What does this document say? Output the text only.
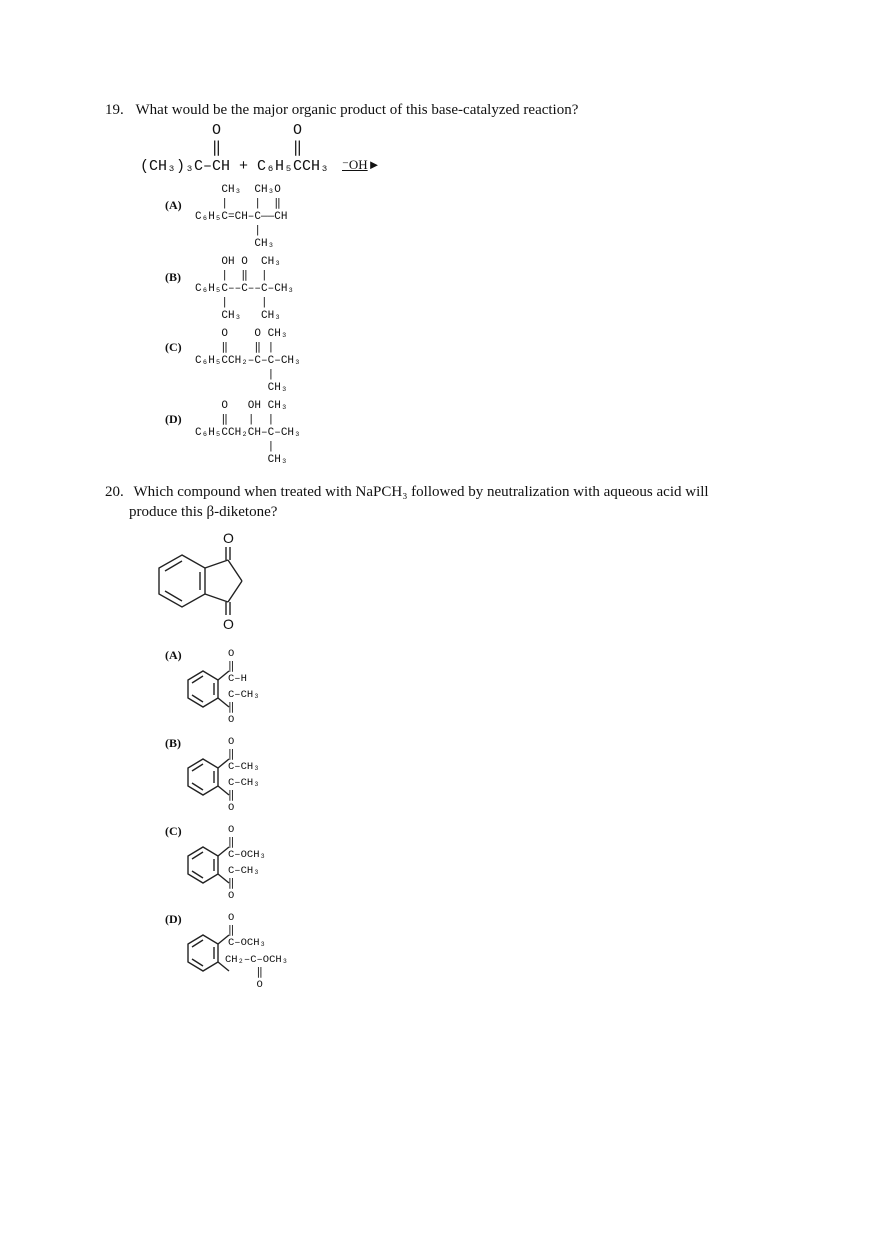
19. What would be the major organic product of this base-catalyzed reaction?
O        O
‖        ‖
(CH₃)₃C–CH + C₆H₅CCH₃ ⁻OH►
(A)
CH₃  CH₃O
|    |  ‖
C₆H₅C=CH–C——CH
|
CH₃
(B)
OH O  CH₃
|  ‖  |
C₆H₅C––C––C–CH₃
|     |
CH₃   CH₃
(C)
O    O CH₃
‖    ‖ |
C₆H₅CCH₂–C–C–CH₃
|
CH₃
(D)
O   OH CH₃
‖   |  |
C₆H₅CCH₂CH–C–CH₃
|
CH₃
20. Which compound when treated with NaPCH₃ followed by neutralization with aqueous acid will
produce this β-diketone?
O
O
(A)	O
‖
C–H
C–CH₃
‖
O
(B)	O
‖
C–CH₃
C–CH₃
‖
O
(C)	O
‖
C–OCH₃
C–CH₃
‖
O
(D)	O
‖
C–OCH₃
CH₂–C–OCH₃
‖
O
